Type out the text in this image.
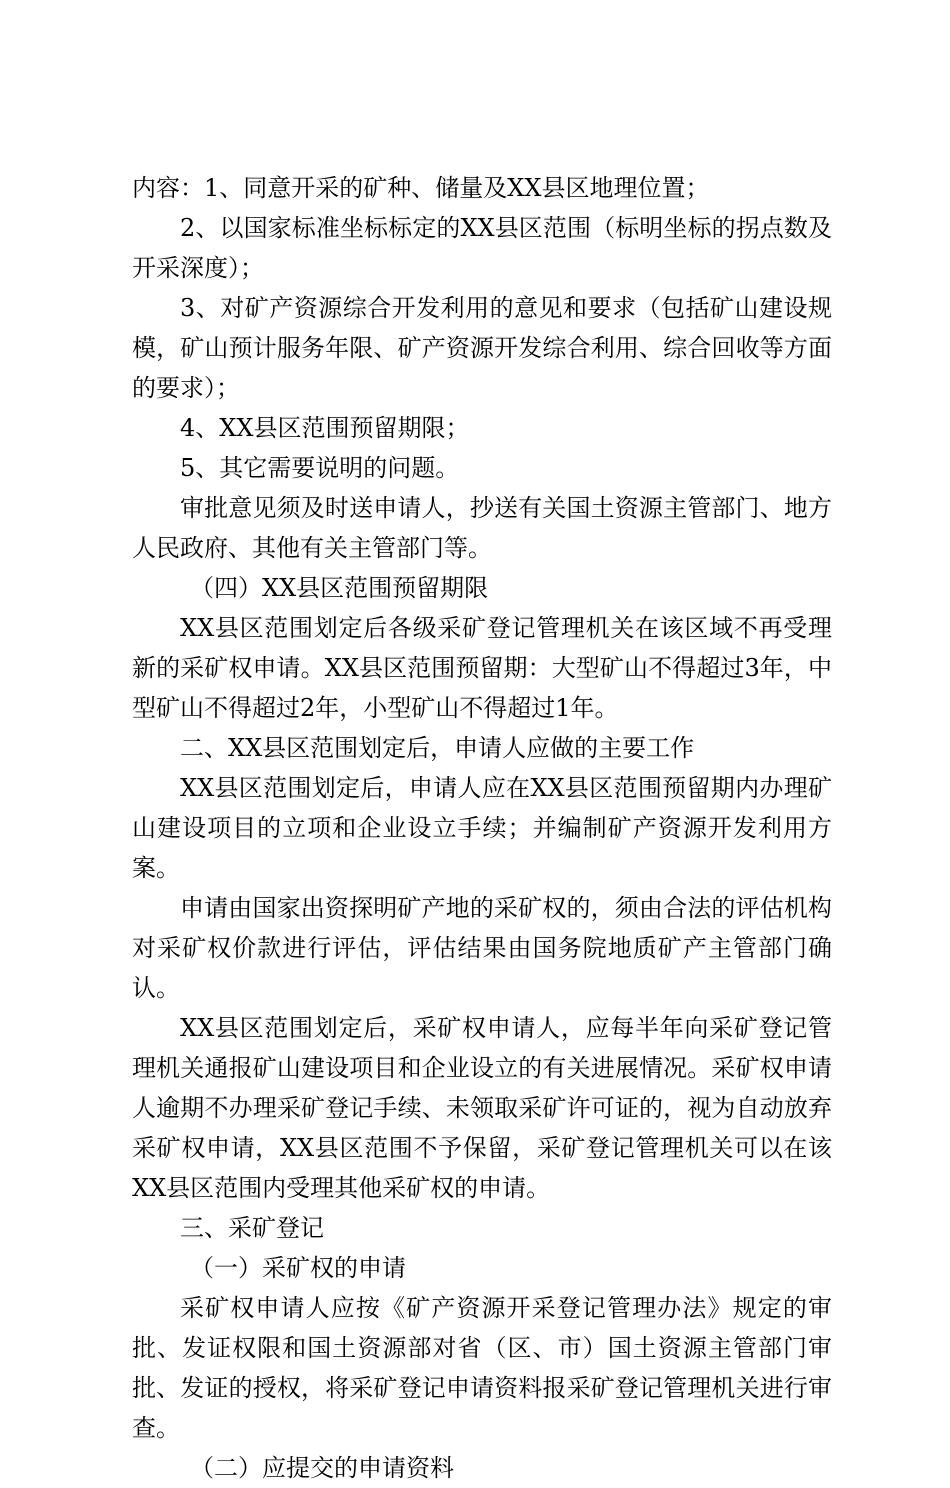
内容：1、同意开采的矿种、储量及XX县区地理位置；

2、以国家标准坐标标定的XX县区范围（标明坐标的拐点数及开采深度）；

3、对矿产资源综合开发利用的意见和要求（包括矿山建设规模，矿山预计服务年限、矿产资源开发综合利用、综合回收等方面的要求）；

4、XX县区范围预留期限；

5、其它需要说明的问题。

审批意见须及时送申请人，抄送有关国土资源主管部门、地方人民政府、其他有关主管部门等。

（四）XX县区范围预留期限

XX县区范围划定后各级采矿登记管理机关在该区域不再受理新的采矿权申请。XX县区范围预留期：大型矿山不得超过3年，中型矿山不得超过2年，小型矿山不得超过1年。

二、XX县区范围划定后，申请人应做的主要工作

XX县区范围划定后，申请人应在XX县区范围预留期内办理矿山建设项目的立项和企业设立手续；并编制矿产资源开发利用方案。

申请由国家出资探明矿产地的采矿权的，须由合法的评估机构对采矿权价款进行评估，评估结果由国务院地质矿产主管部门确认。

XX县区范围划定后，采矿权申请人，应每半年向采矿登记管理机关通报矿山建设项目和企业设立的有关进展情况。采矿权申请人逾期不办理采矿登记手续、未领取采矿许可证的，视为自动放弃采矿权申请，XX县区范围不予保留，采矿登记管理机关可以在该XX县区范围内受理其他采矿权的申请。

三、采矿登记

（一）采矿权的申请

采矿权申请人应按《矿产资源开采登记管理办法》规定的审批、发证权限和国土资源部对省（区、市）国土资源主管部门审批、发证的授权，将采矿登记申请资料报采矿登记管理机关进行审查。

（二）应提交的申请资料
